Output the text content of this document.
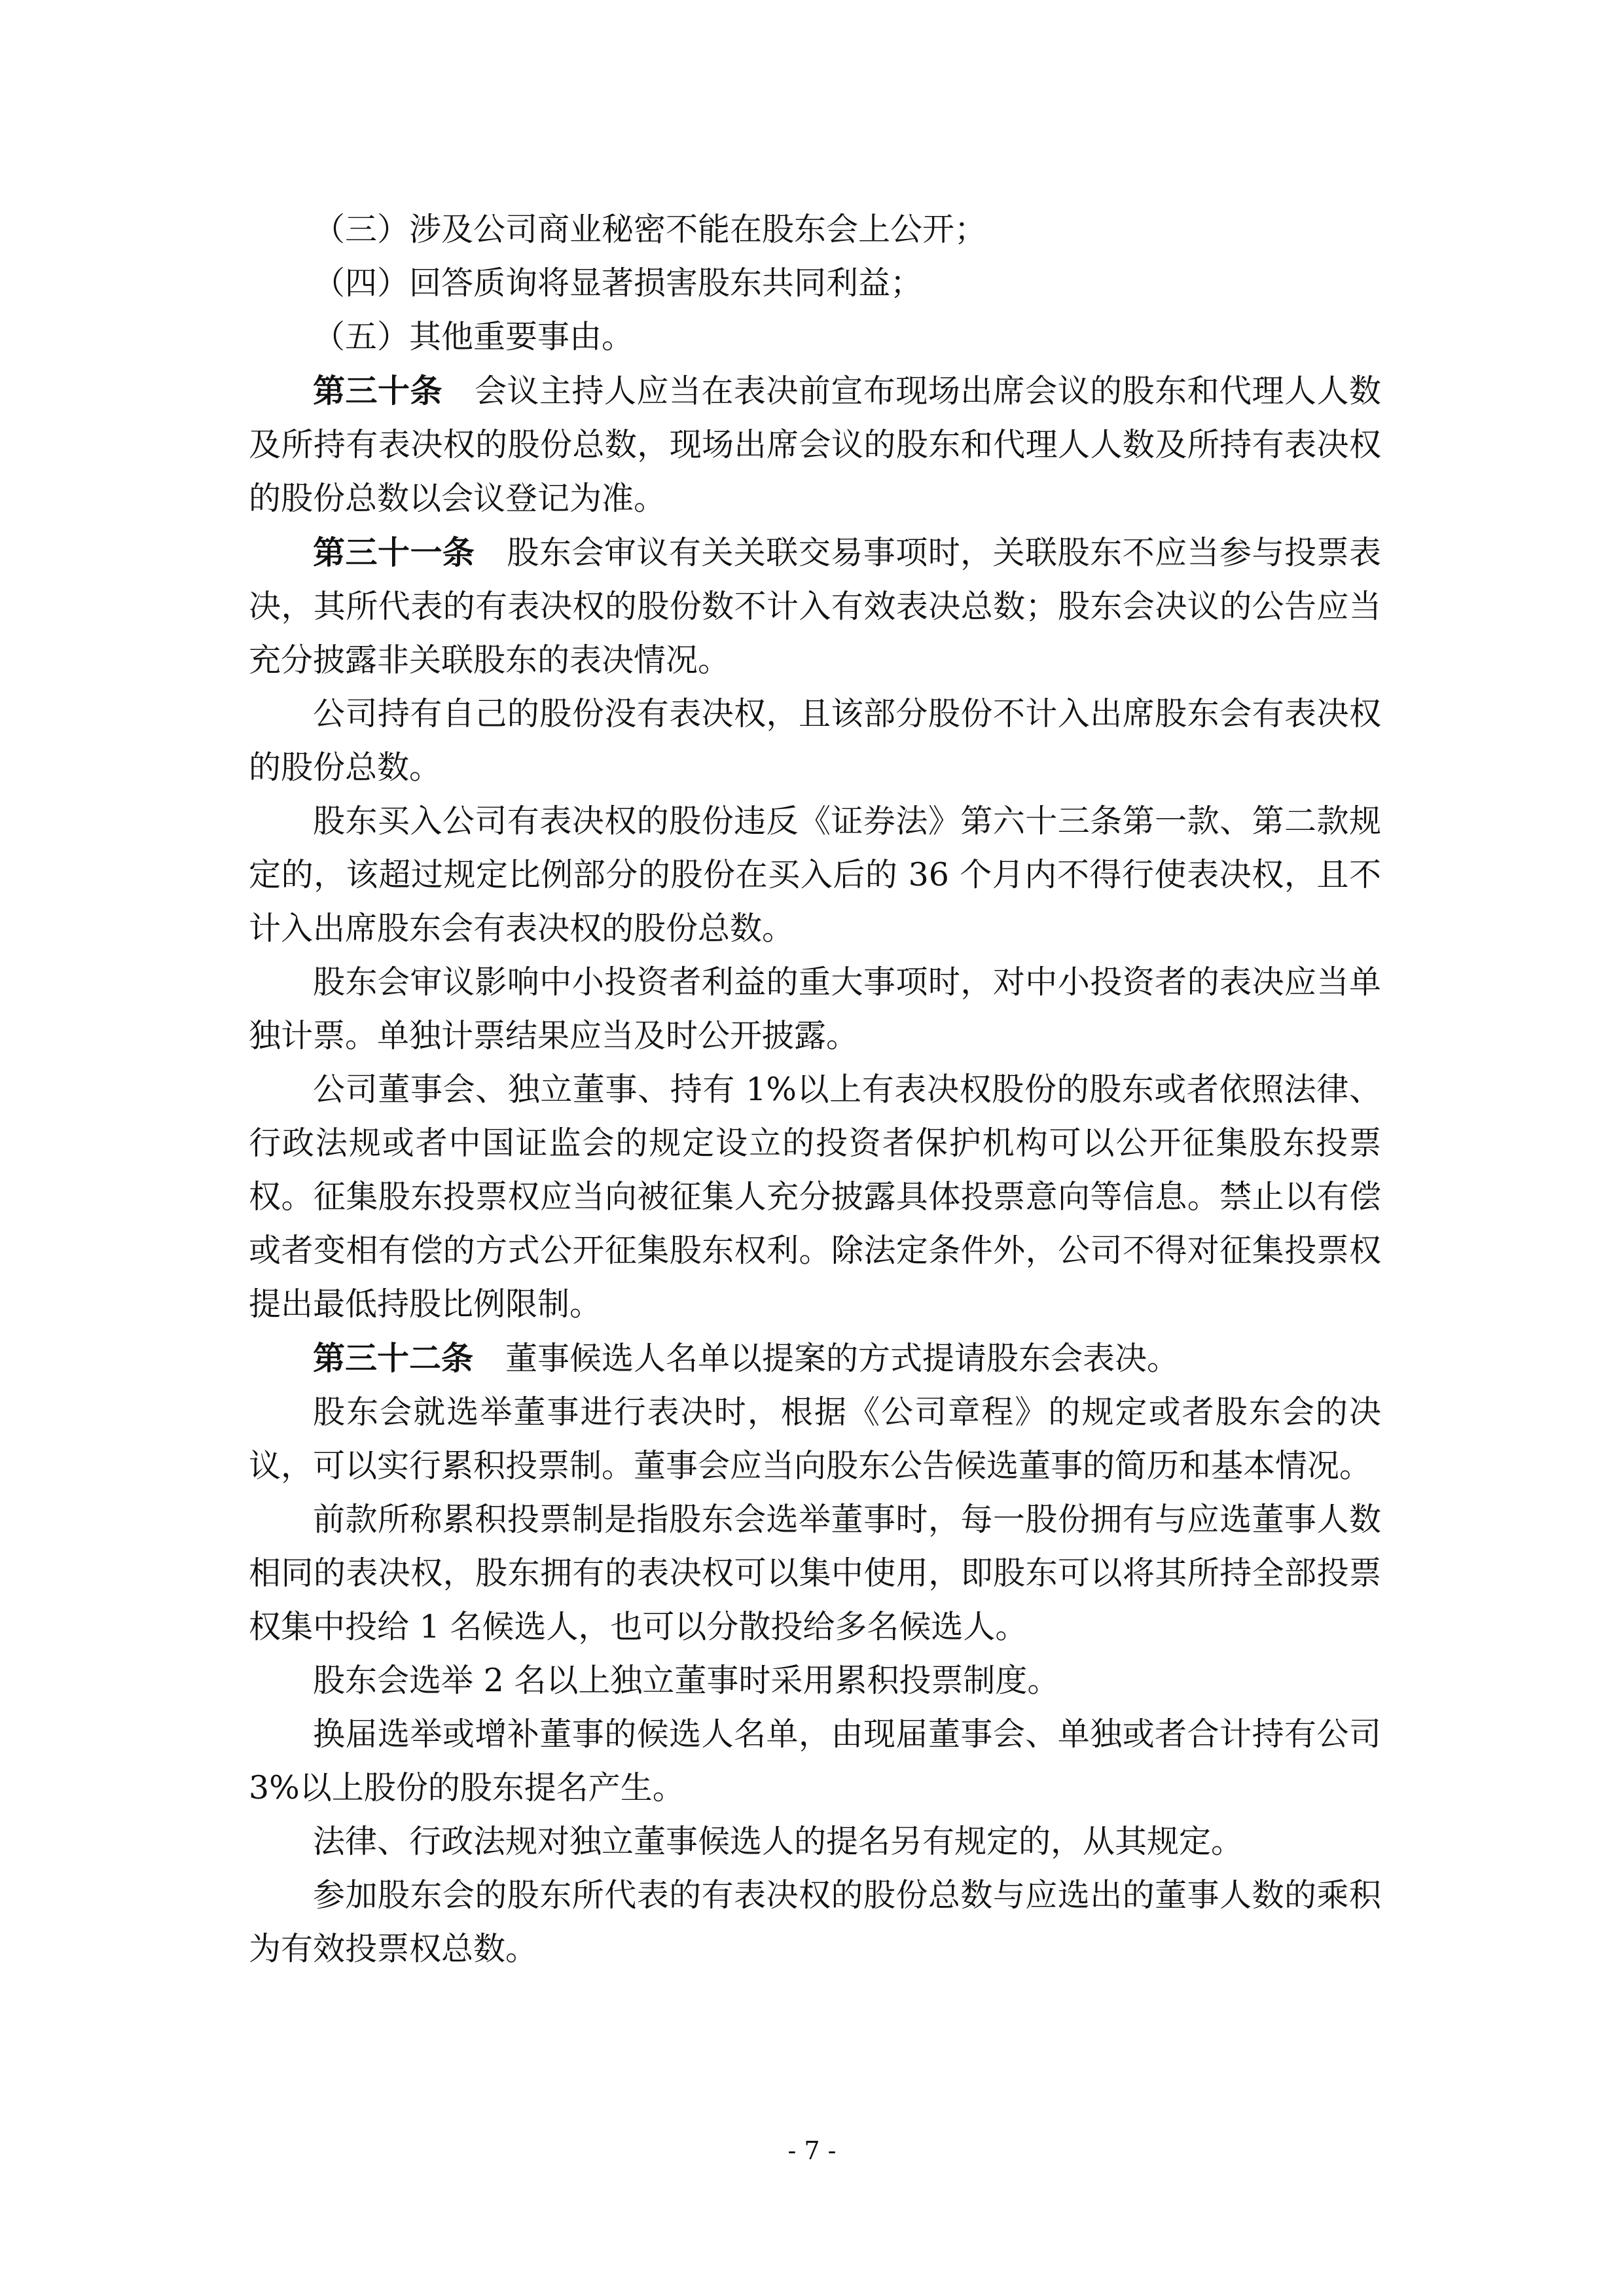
（三）涉及公司商业秘密不能在股东会上公开；

（四）回答质询将显著损害股东共同利益；

（五）其他重要事由。

第三十条 会议主持人应当在表决前宣布现场出席会议的股东和代理人人数及所持有表决权的股份总数，现场出席会议的股东和代理人人数及所持有表决权的股份总数以会议登记为准。

第三十一条 股东会审议有关关联交易事项时，关联股东不应当参与投票表决，其所代表的有表决权的股份数不计入有效表决总数；股东会决议的公告应当充分披露非关联股东的表决情况。

公司持有自己的股份没有表决权，且该部分股份不计入出席股东会有表决权的股份总数。

股东买入公司有表决权的股份违反《证券法》第六十三条第一款、第二款规定的，该超过规定比例部分的股份在买入后的 36 个月内不得行使表决权，且不计入出席股东会有表决权的股份总数。

股东会审议影响中小投资者利益的重大事项时，对中小投资者的表决应当单独计票。单独计票结果应当及时公开披露。

公司董事会、独立董事、持有 1%以上有表决权股份的股东或者依照法律、行政法规或者中国证监会的规定设立的投资者保护机构可以公开征集股东投票权。征集股东投票权应当向被征集人充分披露具体投票意向等信息。禁止以有偿或者变相有偿的方式公开征集股东权利。除法定条件外，公司不得对征集投票权提出最低持股比例限制。

第三十二条 董事候选人名单以提案的方式提请股东会表决。

股东会就选举董事进行表决时，根据《公司章程》的规定或者股东会的决议，可以实行累积投票制。董事会应当向股东公告候选董事的简历和基本情况。

前款所称累积投票制是指股东会选举董事时，每一股份拥有与应选董事人数相同的表决权，股东拥有的表决权可以集中使用，即股东可以将其所持全部投票权集中投给 1 名候选人，也可以分散投给多名候选人。

股东会选举 2 名以上独立董事时采用累积投票制度。

换届选举或增补董事的候选人名单，由现届董事会、单独或者合计持有公司 3%以上股份的股东提名产生。

法律、行政法规对独立董事候选人的提名另有规定的，从其规定。

参加股东会的股东所代表的有表决权的股份总数与应选出的董事人数的乘积为有效投票权总数。

- 7 -
